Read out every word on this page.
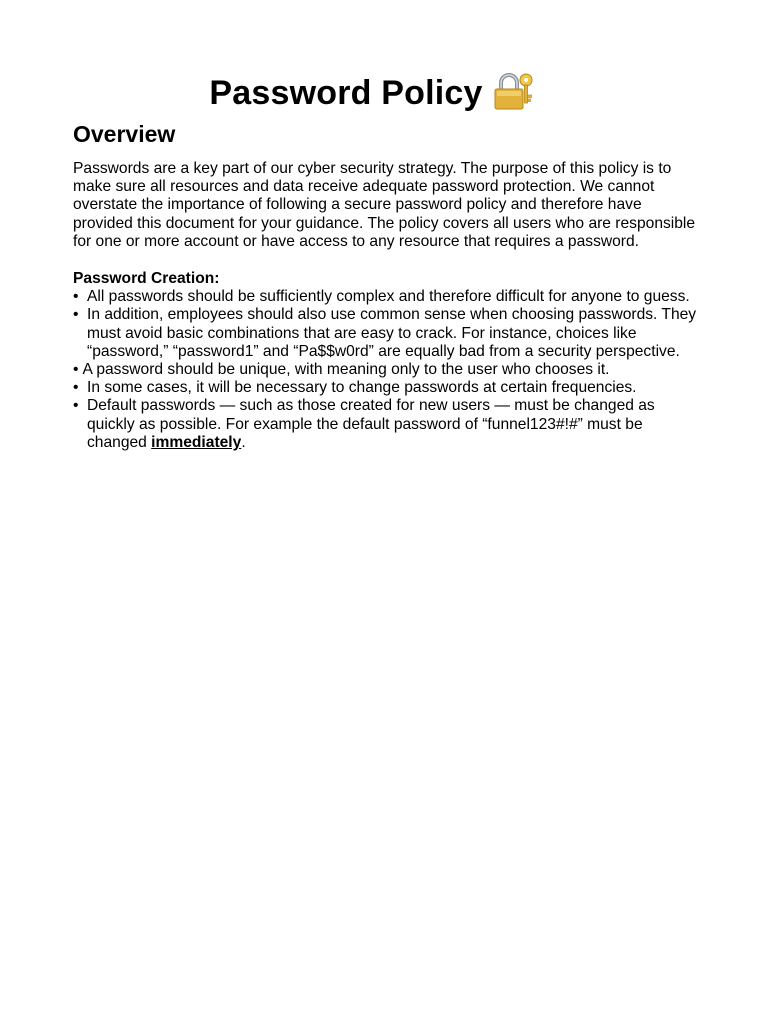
Password Policy
Overview
Passwords are a key part of our cyber security strategy. The purpose of this policy is to make sure all resources and data receive adequate password protection. We cannot overstate the importance of following a secure password policy and therefore have provided this document for your guidance. The policy covers all users who are responsible for one or more account or have access to any resource that requires a password.
Password Creation:
• All passwords should be sufficiently complex and therefore difficult for anyone to guess.
• In addition, employees should also use common sense when choosing passwords. They must avoid basic combinations that are easy to crack. For instance, choices like “password,” “password1” and “Pa$$w0rd” are equally bad from a security perspective.
• A password should be unique, with meaning only to the user who chooses it.
• In some cases, it will be necessary to change passwords at certain frequencies.
• Default passwords — such as those created for new users — must be changed as quickly as possible. For example the default password of “funnel123#!#” must be changed immediately.
